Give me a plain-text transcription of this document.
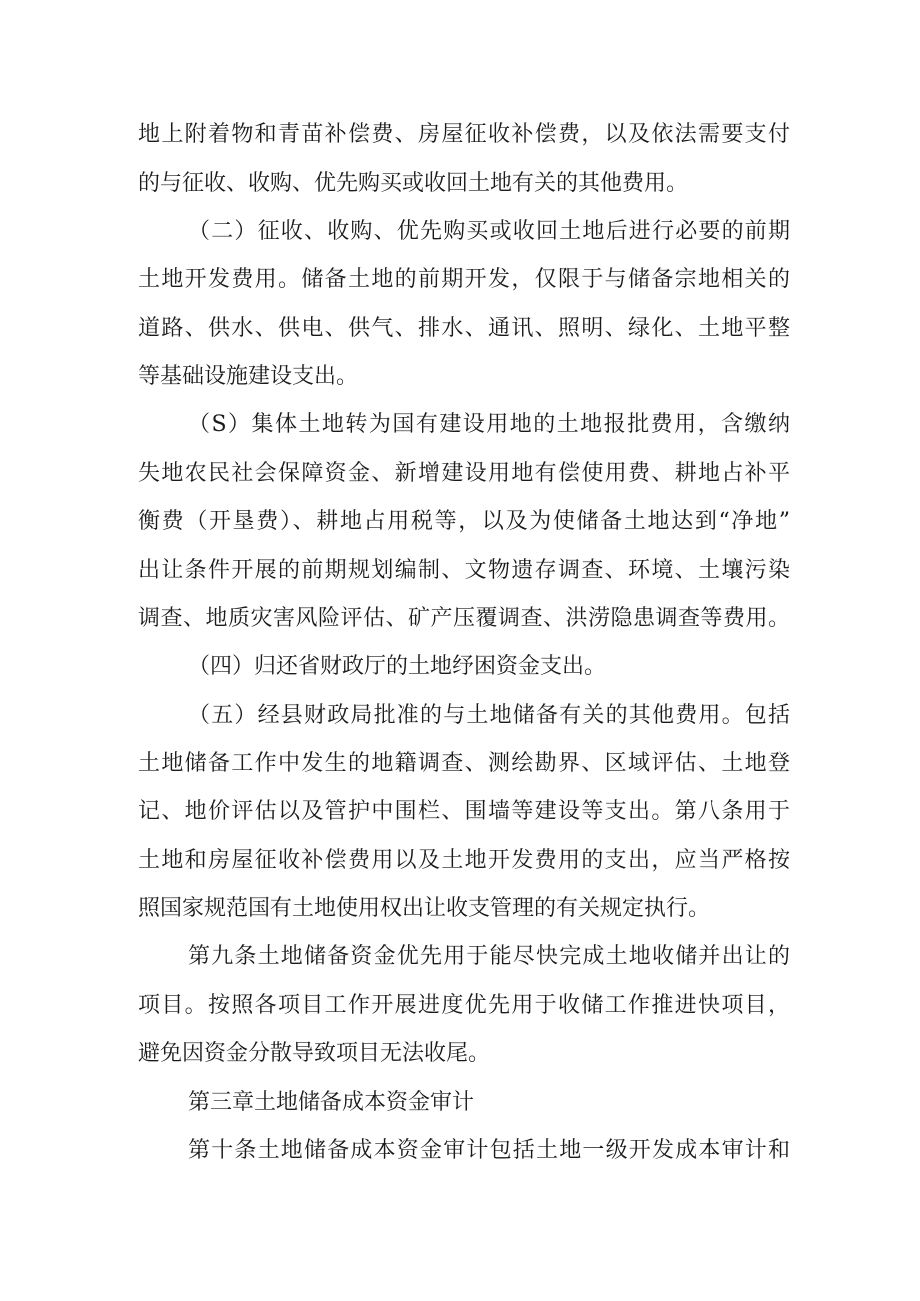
地上附着物和青苗补偿费、房屋征收补偿费，以及依法需要支付

的与征收、收购、优先购买或收回土地有关的其他费用。

（二）征收、收购、优先购买或收回土地后进行必要的前期

土地开发费用。储备土地的前期开发，仅限于与储备宗地相关的

道路、供水、供电、供气、排水、通讯、照明、绿化、土地平整

等基础设施建设支出。

（S）集体土地转为国有建设用地的土地报批费用，含缴纳

失地农民社会保障资金、新增建设用地有偿使用费、耕地占补平

衡费（开垦费）、耕地占用税等，以及为使储备土地达到“净地”

出让条件开展的前期规划编制、文物遗存调查、环境、土壤污染

调查、地质灾害风险评估、矿产压覆调查、洪涝隐患调查等费用。

（四）归还省财政厅的土地纾困资金支出。

（五）经县财政局批准的与土地储备有关的其他费用。包括

土地储备工作中发生的地籍调查、测绘勘界、区域评估、土地登

记、地价评估以及管护中围栏、围墙等建设等支出。第八条用于

土地和房屋征收补偿费用以及土地开发费用的支出，应当严格按

照国家规范国有土地使用权出让收支管理的有关规定执行。

第九条土地储备资金优先用于能尽快完成土地收储并出让的

项目。按照各项目工作开展进度优先用于收储工作推进快项目，

避免因资金分散导致项目无法收尾。

第三章土地储备成本资金审计

第十条土地储备成本资金审计包括土地一级开发成本审计和
